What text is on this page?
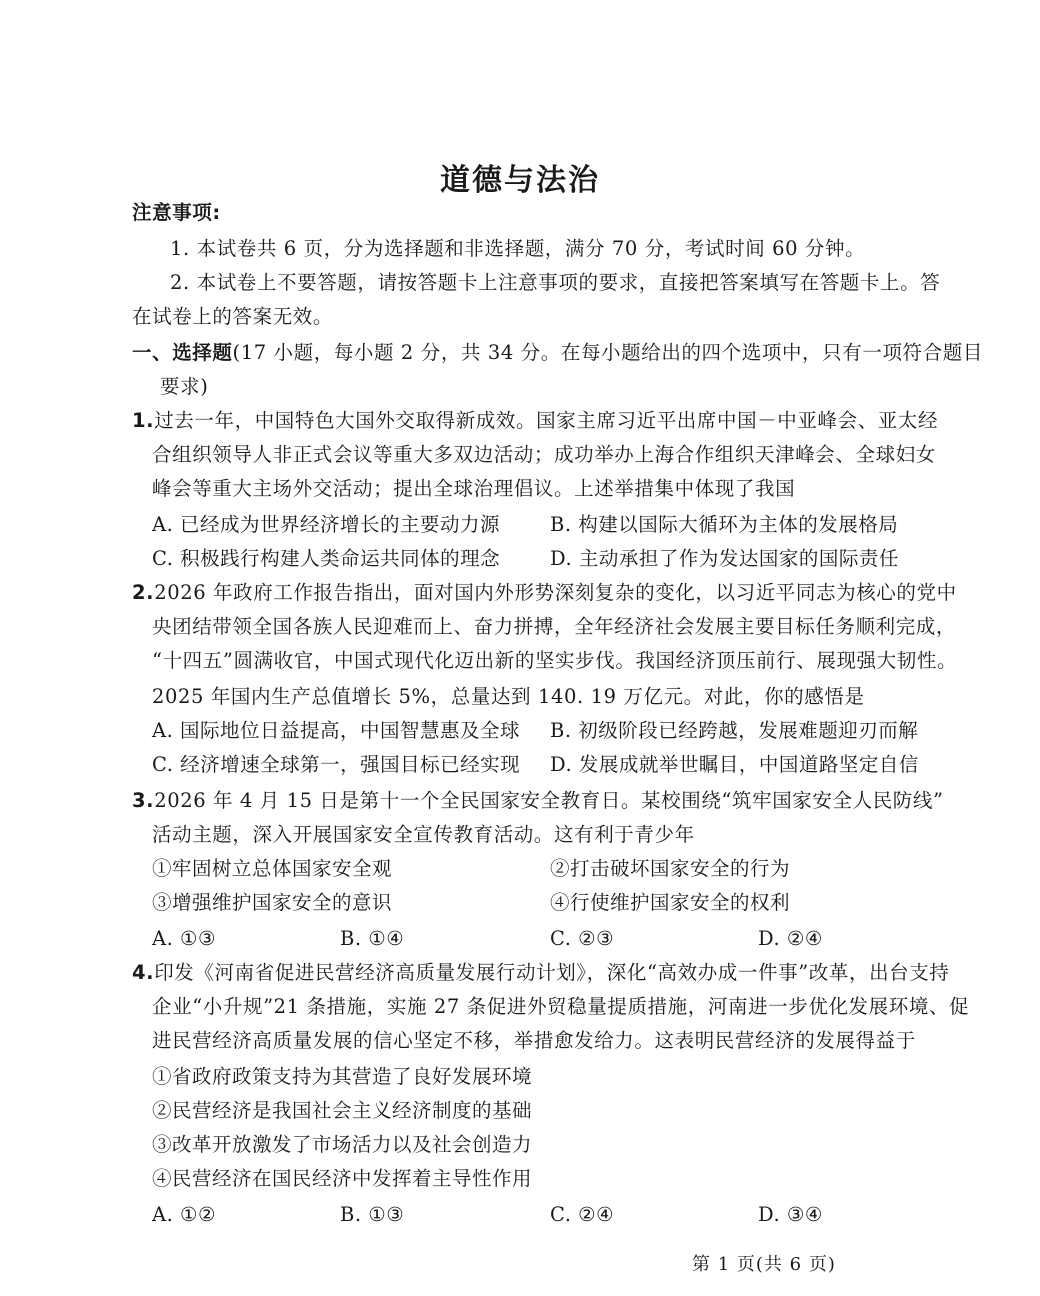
道德与法治
注意事项:
1. 本试卷共 6 页，分为选择题和非选择题，满分 70 分，考试时间 60 分钟。
2. 本试卷上不要答题，请按答题卡上注意事项的要求，直接把答案填写在答题卡上。答
在试卷上的答案无效。
一、选择题(17 小题，每小题 2 分，共 34 分。在每小题给出的四个选项中，只有一项符合题目
要求)
1.过去一年，中国特色大国外交取得新成效。国家主席习近平出席中国－中亚峰会、亚太经
合组织领导人非正式会议等重大多双边活动；成功举办上海合作组织天津峰会、全球妇女
峰会等重大主场外交活动；提出全球治理倡议。上述举措集中体现了我国
A. 已经成为世界经济增长的主要动力源	B. 构建以国际大循环为主体的发展格局
C. 积极践行构建人类命运共同体的理念	D. 主动承担了作为发达国家的国际责任
2.2026 年政府工作报告指出，面对国内外形势深刻复杂的变化，以习近平同志为核心的党中
央团结带领全国各族人民迎难而上、奋力拼搏，全年经济社会发展主要目标任务顺利完成，
“十四五”圆满收官，中国式现代化迈出新的坚实步伐。我国经济顶压前行、展现强大韧性。
2025 年国内生产总值增长 5%，总量达到 140. 19 万亿元。对此，你的感悟是
A. 国际地位日益提高，中国智慧惠及全球 B. 初级阶段已经跨越，发展难题迎刃而解
C. 经济增速全球第一，强国目标已经实现 D. 发展成就举世瞩目，中国道路坚定自信
3.2026 年 4 月 15 日是第十一个全民国家安全教育日。某校围绕“筑牢国家安全人民防线”
活动主题，深入开展国家安全宣传教育活动。这有利于青少年
①牢固树立总体国家安全观	②打击破坏国家安全的行为
③增强维护国家安全的意识	④行使维护国家安全的权利
A. ①③	B. ①④	C. ②③	D. ②④
4.印发《河南省促进民营经济高质量发展行动计划》，深化“高效办成一件事”改革，出台支持
企业“小升规”21 条措施，实施 27 条促进外贸稳量提质措施，河南进一步优化发展环境、促
进民营经济高质量发展的信心坚定不移，举措愈发给力。这表明民营经济的发展得益于
①省政府政策支持为其营造了良好发展环境
②民营经济是我国社会主义经济制度的基础
③改革开放激发了市场活力以及社会创造力
④民营经济在国民经济中发挥着主导性作用
A. ①②	B. ①③	C. ②④	D. ③④
第 1 页(共 6 页)
